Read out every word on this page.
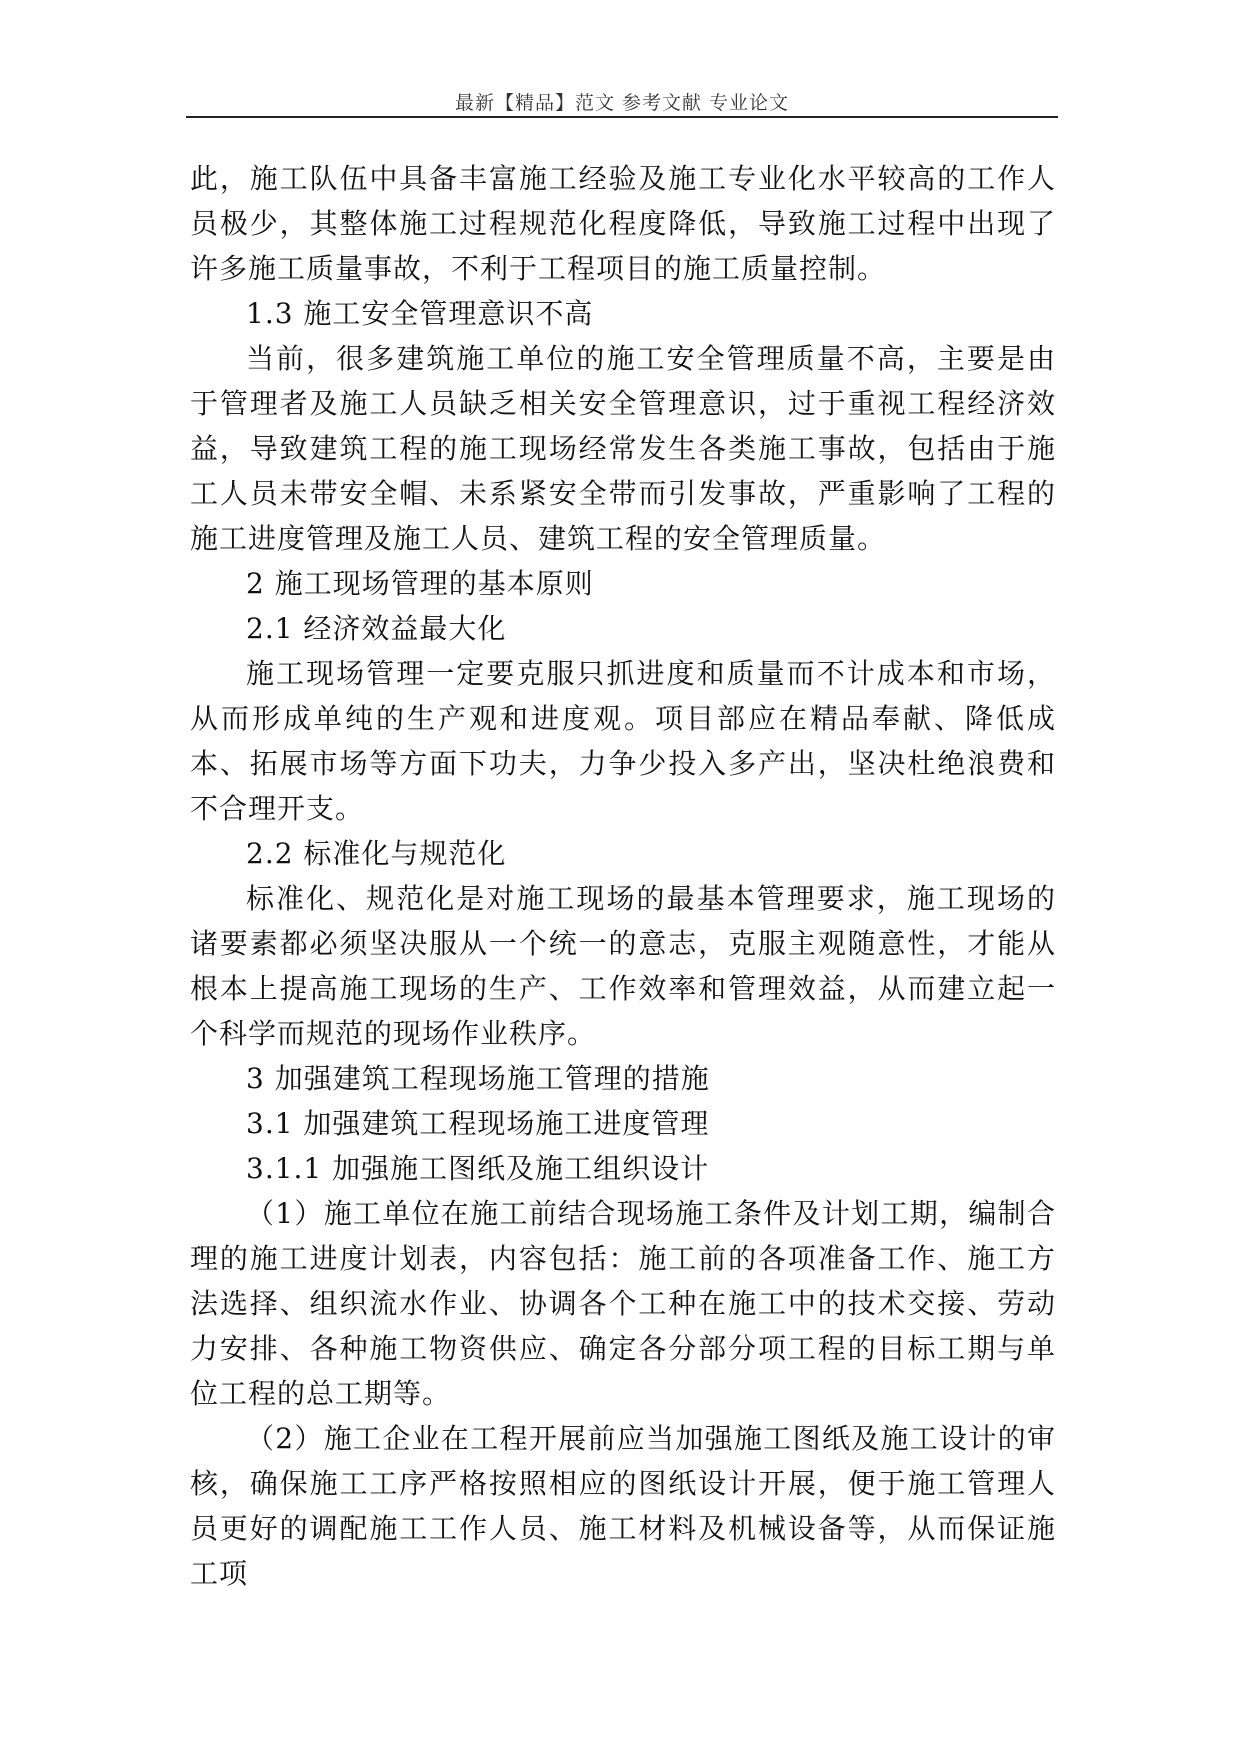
最新【精品】范文 参考文献 专业论文

此，施工队伍中具备丰富施工经验及施工专业化水平较高的工作人员极少，其整体施工过程规范化程度降低，导致施工过程中出现了许多施工质量事故，不利于工程项目的施工质量控制。

1.3 施工安全管理意识不高

当前，很多建筑施工单位的施工安全管理质量不高，主要是由于管理者及施工人员缺乏相关安全管理意识，过于重视工程经济效益，导致建筑工程的施工现场经常发生各类施工事故，包括由于施工人员未带安全帽、未系紧安全带而引发事故，严重影响了工程的施工进度管理及施工人员、建筑工程的安全管理质量。

2 施工现场管理的基本原则

2.1 经济效益最大化

施工现场管理一定要克服只抓进度和质量而不计成本和市场，从而形成单纯的生产观和进度观。项目部应在精品奉献、降低成本、拓展市场等方面下功夫，力争少投入多产出，坚决杜绝浪费和不合理开支。

2.2 标准化与规范化

标准化、规范化是对施工现场的最基本管理要求，施工现场的诸要素都必须坚决服从一个统一的意志，克服主观随意性，才能从根本上提高施工现场的生产、工作效率和管理效益，从而建立起一个科学而规范的现场作业秩序。

3 加强建筑工程现场施工管理的措施

3.1 加强建筑工程现场施工进度管理

3.1.1 加强施工图纸及施工组织设计

（1）施工单位在施工前结合现场施工条件及计划工期，编制合理的施工进度计划表，内容包括：施工前的各项准备工作、施工方法选择、组织流水作业、协调各个工种在施工中的技术交接、劳动力安排、各种施工物资供应、确定各分部分项工程的目标工期与单位工程的总工期等。

（2）施工企业在工程开展前应当加强施工图纸及施工设计的审核，确保施工工序严格按照相应的图纸设计开展，便于施工管理人员更好的调配施工工作人员、施工材料及机械设备等，从而保证施工项
